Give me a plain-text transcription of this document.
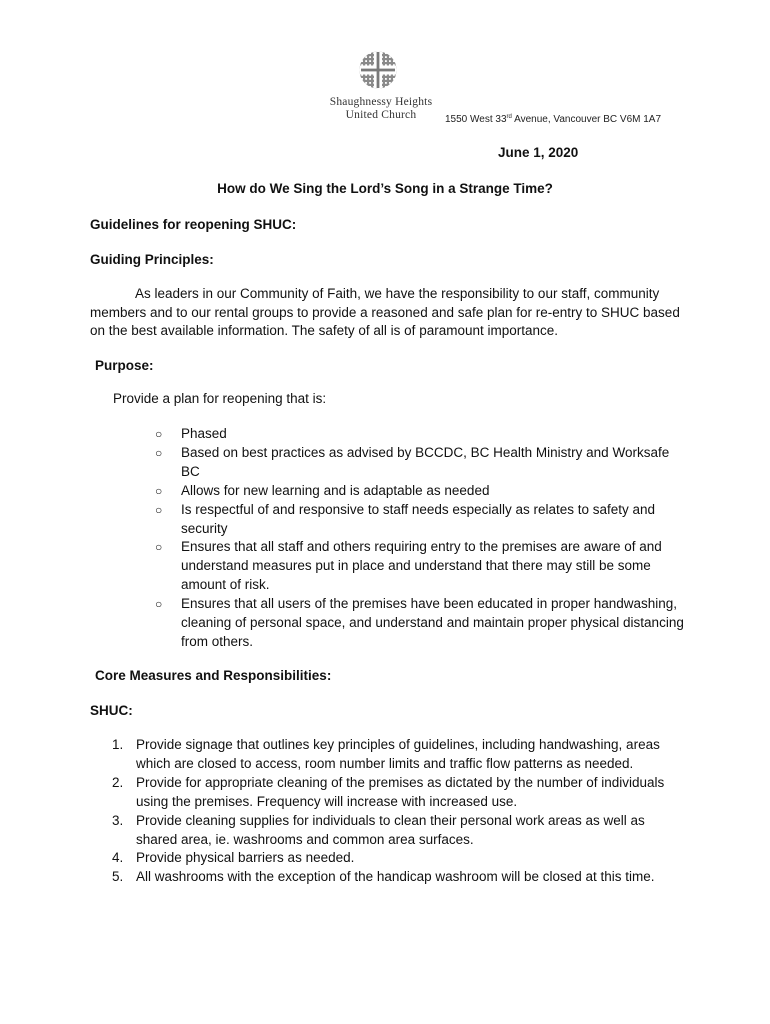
Shaughnessy Heights
United Church	1550 West 33rd Avenue, Vancouver BC V6M 1A7
June 1, 2020
How do We Sing the Lord’s Song in a Strange Time?
Guidelines for reopening SHUC:
Guiding Principles:
As leaders in our Community of Faith, we have the responsibility to our staff, community members and to our rental groups to provide a reasoned and safe plan for re-entry to SHUC based on the best available information. The safety of all is of paramount importance.
Purpose:
Provide a plan for reopening that is:
○ Phased
○ Based on best practices as advised by BCCDC, BC Health Ministry and Worksafe BC
○ Allows for new learning and is adaptable as needed
○ Is respectful of and responsive to staff needs especially as relates to safety and security
○ Ensures that all staff and others requiring entry to the premises are aware of and understand measures put in place and understand that there may still be some amount of risk.
○ Ensures that all users of the premises have been educated in proper handwashing, cleaning of personal space, and understand and maintain proper physical distancing from others.
Core Measures and Responsibilities:
SHUC:
1. Provide signage that outlines key principles of guidelines, including handwashing, areas which are closed to access, room number limits and traffic flow patterns as needed.
2. Provide for appropriate cleaning of the premises as dictated by the number of individuals using the premises. Frequency will increase with increased use.
3. Provide cleaning supplies for individuals to clean their personal work areas as well as shared area, ie. washrooms and common area surfaces.
4. Provide physical barriers as needed.
5. All washrooms with the exception of the handicap washroom will be closed at this time.
